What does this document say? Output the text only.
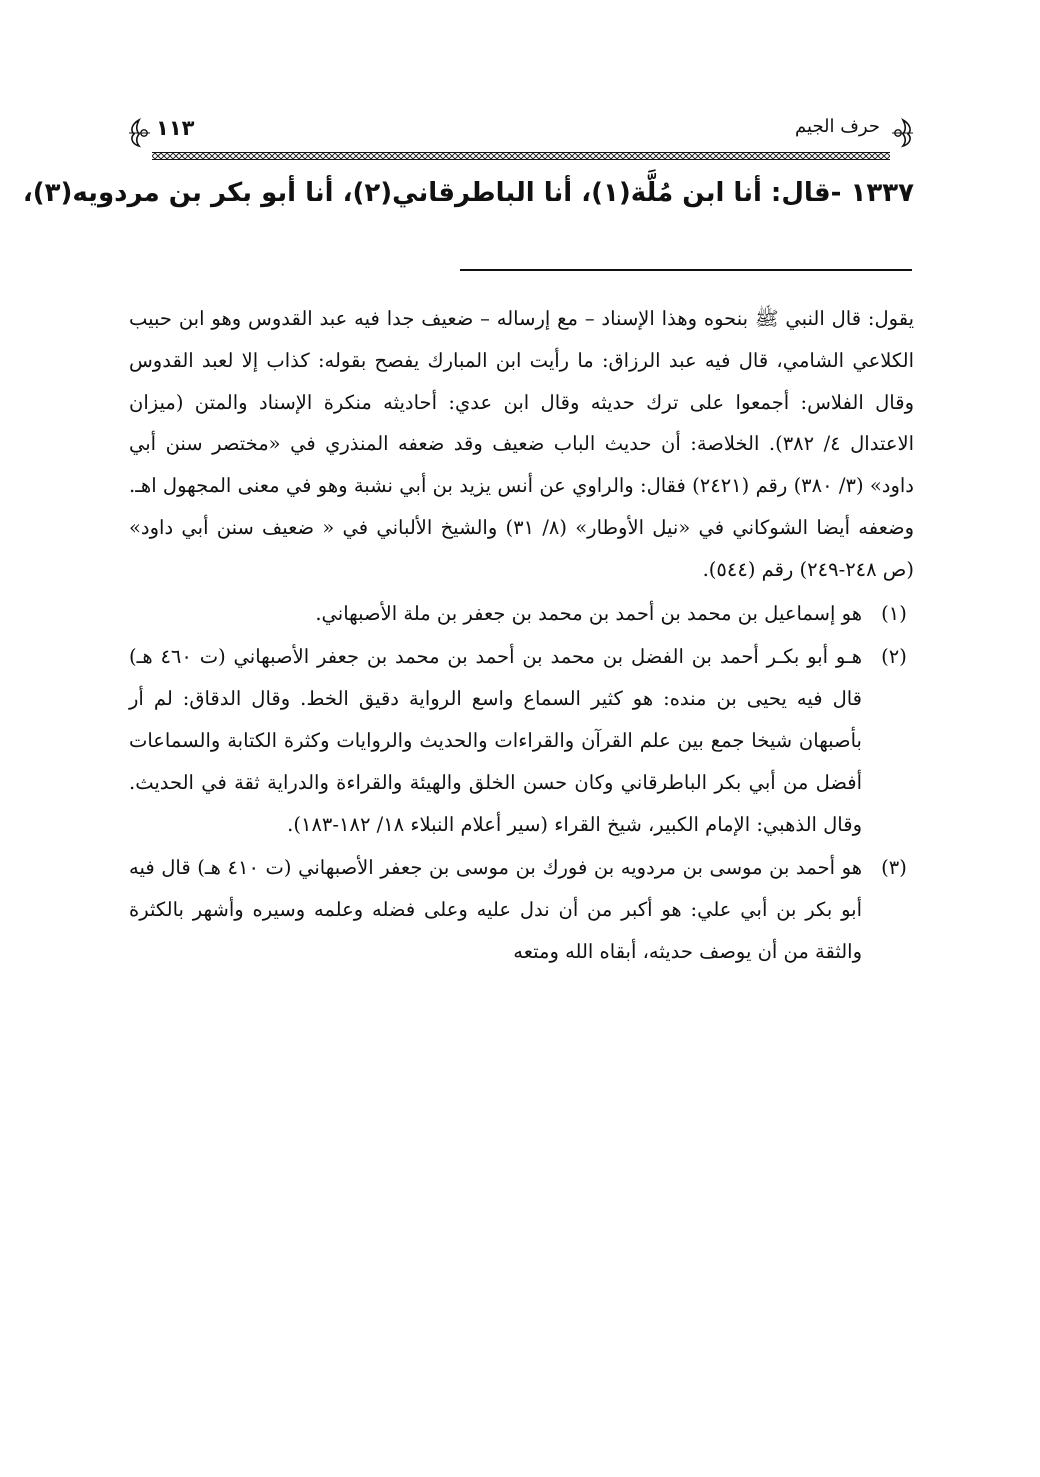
١١٣	حرف الجيم
١٣٣٧ -قال: أنا ابن مُلَّة(١)، أنا الباطرقاني(٢)، أنا أبو بكر بن مردويه(٣)،

يقول: قال النبي ﷺ بنحوه وهذا الإسناد – مع إرساله – ضعيف جدا فيه عبد القدوس وهو ابن حبيب الكلاعي الشامي، قال فيه عبد الرزاق: ما رأيت ابن المبارك يفصح بقوله: كذاب إلا لعبد القدوس وقال الفلاس: أجمعوا على ترك حديثه وقال ابن عدي: أحاديثه منكرة الإسناد والمتن (ميزان الاعتدال ٤/ ٣٨٢). الخلاصة: أن حديث الباب ضعيف وقد ضعفه المنذري في «مختصر سنن أبي داود» (٣/ ٣٨٠) رقم (٢٤٢١) فقال: والراوي عن أنس يزيد بن أبي نشبة وهو في معنى المجهول اهـ. وضعفه أيضا الشوكاني في «نيل الأوطار» (٨/ ٣١) والشيخ الألباني في « ضعيف سنن أبي داود» (ص ٢٤٨-٢٤٩) رقم (٥٤٤).

(١)
هو إسماعيل بن محمد بن أحمد بن محمد بن جعفر بن ملة الأصبهاني.
(٢)
هـو أبو بكـر أحمد بن الفضل بن محمد بن أحمد بن محمد بن جعفر الأصبهاني (ت ٤٦٠ هـ) قال فيه يحيى بن منده: هو كثير السماع واسع الرواية دقيق الخط. وقال الدقاق: لم أر بأصبهان شيخا جمع بين علم القرآن والقراءات والحديث والروايات وكثرة الكتابة والسماعات أفضل من أبي بكر الباطرقاني وكان حسن الخلق والهيئة والقراءة والدراية ثقة في الحديث. وقال الذهبي: الإمام الكبير، شيخ القراء (سير أعلام النبلاء ١٨/ ١٨٢-١٨٣).
(٣)
هو أحمد بن موسى بن مردويه بن فورك بن موسى بن جعفر الأصبهاني (ت ٤١٠ هـ) قال فيه أبو بكر بن أبي علي: هو أكبر من أن ندل عليه وعلى فضله وعلمه وسيره وأشهر بالكثرة والثقة من أن يوصف حديثه، أبقاه الله ومتعه
